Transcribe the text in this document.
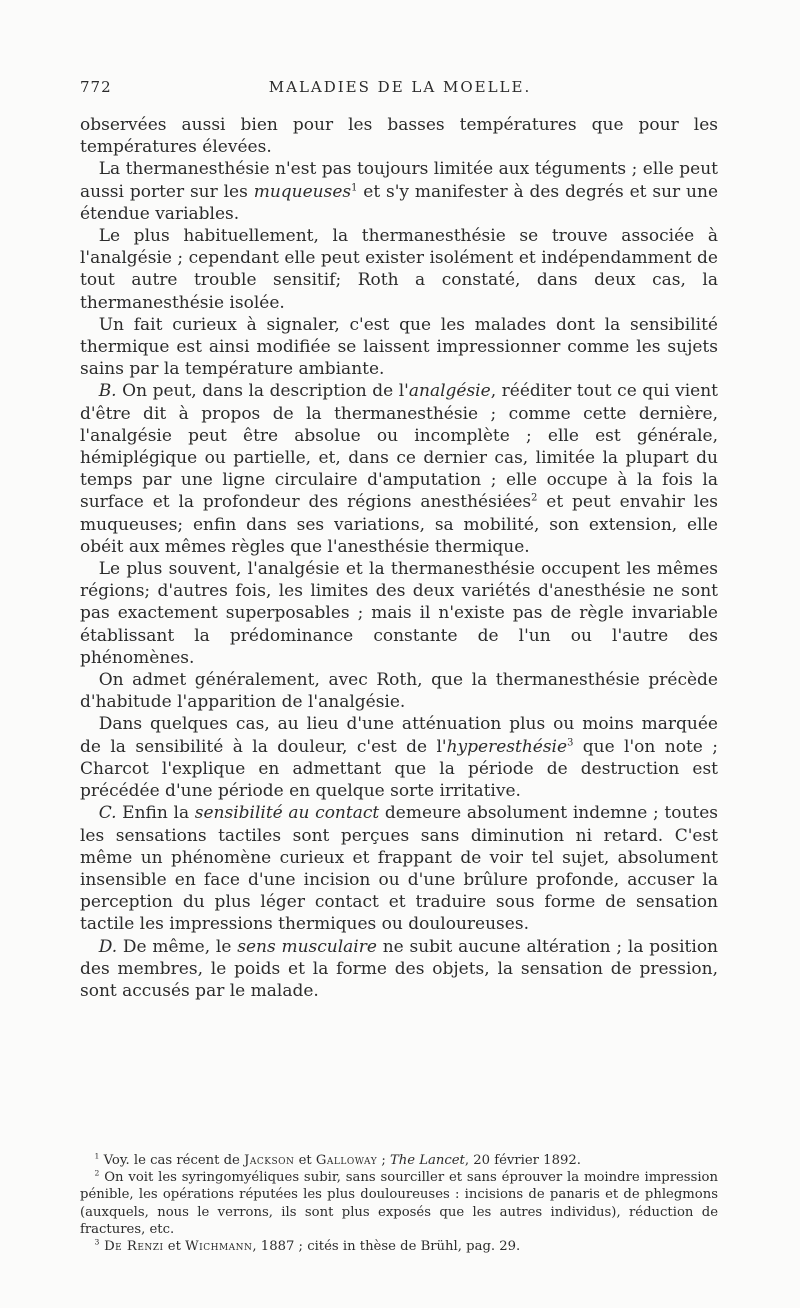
772	MALADIES DE LA MOELLE.

observées aussi bien pour les basses températures que pour les températures élevées.

La thermanesthésie n'est pas toujours limitée aux téguments ; elle peut aussi porter sur les muqueuses$^1$ et s'y manifester à des degrés et sur une étendue variables.

Le plus habituellement, la thermanesthésie se trouve associée à l'analgésie ; cependant elle peut exister isolément et indépendamment de tout autre trouble sensitif; Roth a constaté, dans deux cas, la thermanesthésie isolée.

Un fait curieux à signaler, c'est que les malades dont la sensibilité thermique est ainsi modifiée se laissent impressionner comme les sujets sains par la température ambiante.

B. On peut, dans la description de l'analgésie, rééditer tout ce qui vient d'être dit à propos de la thermanesthésie ; comme cette dernière, l'analgésie peut être absolue ou incomplète ; elle est générale, hémiplégique ou partielle, et, dans ce dernier cas, limitée la plupart du temps par une ligne circulaire d'amputation ; elle occupe à la fois la surface et la profondeur des régions anesthésiées$^2$ et peut envahir les muqueuses; enfin dans ses variations, sa mobilité, son extension, elle obéit aux mêmes règles que l'anesthésie thermique.

Le plus souvent, l'analgésie et la thermanesthésie occupent les mêmes régions; d'autres fois, les limites des deux variétés d'anesthésie ne sont pas exactement superposables ; mais il n'existe pas de règle invariable établissant la prédominance constante de l'un ou l'autre des phénomènes.

On admet généralement, avec Roth, que la thermanesthésie précède d'habitude l'apparition de l'analgésie.

Dans quelques cas, au lieu d'une atténuation plus ou moins marquée de la sensibilité à la douleur, c'est de l'hyperesthésie$^3$ que l'on note ; Charcot l'explique en admettant que la période de destruction est précédée d'une période en quelque sorte irritative.

C. Enfin la sensibilité au contact demeure absolument indemne ; toutes les sensations tactiles sont perçues sans diminution ni retard. C'est même un phénomène curieux et frappant de voir tel sujet, absolument insensible en face d'une incision ou d'une brûlure profonde, accuser la perception du plus léger contact et traduire sous forme de sensation tactile les impressions thermiques ou douloureuses.

D. De même, le sens musculaire ne subit aucune altération ; la position des membres, le poids et la forme des objets, la sensation de pression, sont accusés par le malade.

$^1$ Voy. le cas récent de Jackson et Galloway ; The Lancet, 20 février 1892.

$^2$ On voit les syringomyéliques subir, sans sourciller et sans éprouver la moindre impression pénible, les opérations réputées les plus douloureuses : incisions de panaris et de phlegmons (auxquels, nous le verrons, ils sont plus exposés que les autres individus), réduction de fractures, etc.

$^3$ De Renzi et Wichmann, 1887 ; cités in thèse de Brühl, pag. 29.
